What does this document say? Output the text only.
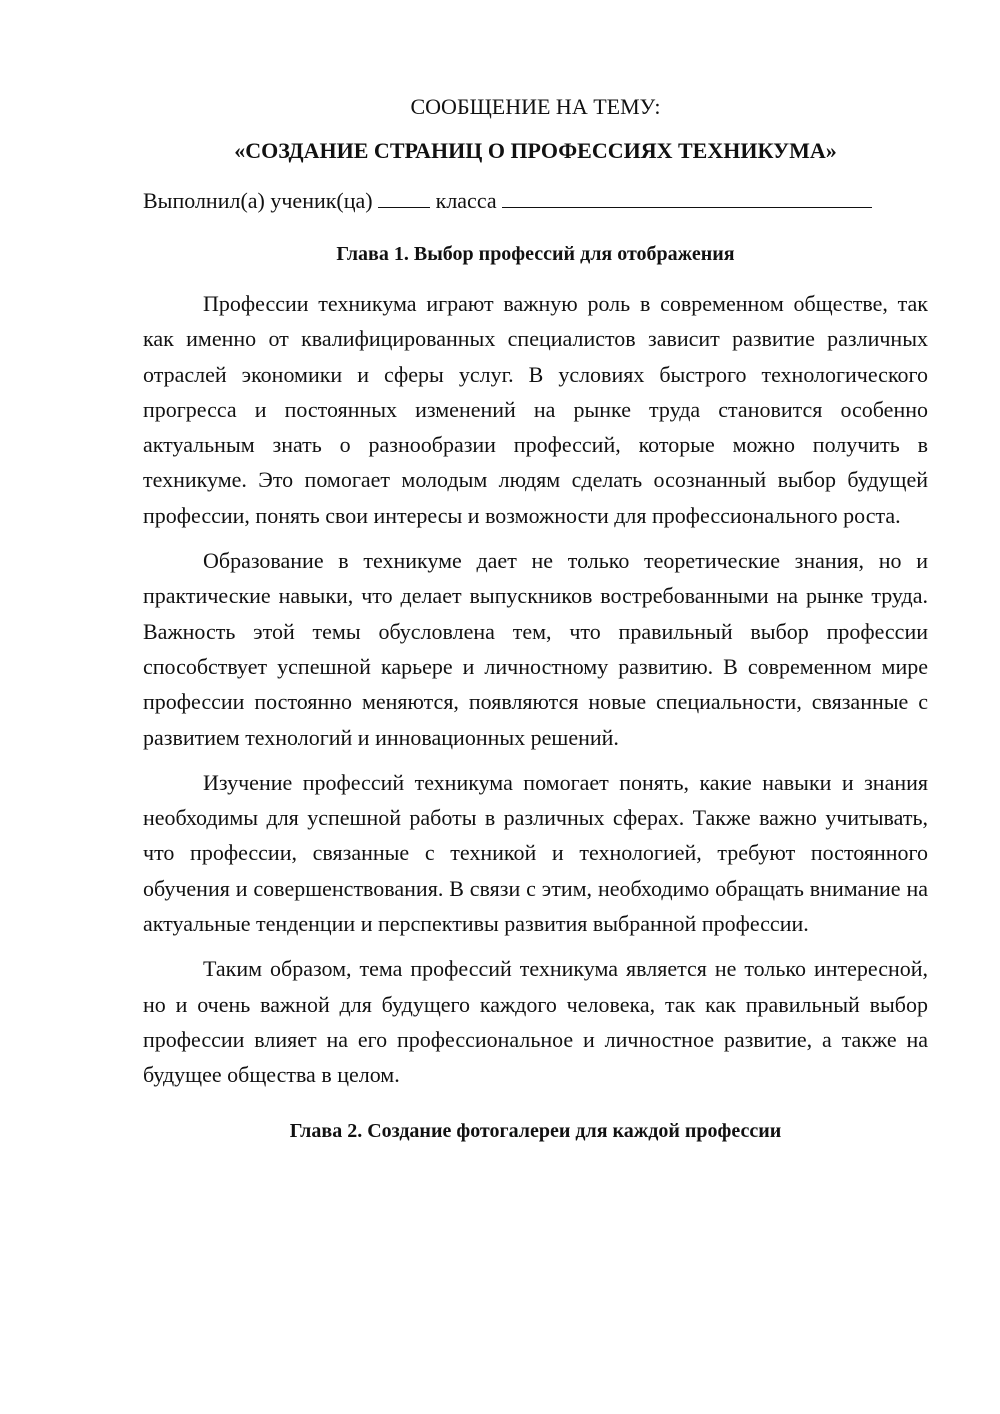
СООБЩЕНИЕ НА ТЕМУ:

«СОЗДАНИЕ СТРАНИЦ О ПРОФЕССИЯХ ТЕХНИКУМА»

Выполнил(а) ученик(ца)	класса

Глава 1. Выбор профессий для отображения

Профессии техникума играют важную роль в современном обществе, так как именно от квалифицированных специалистов зависит развитие различных отраслей экономики и сферы услуг. В условиях быстрого технологического прогресса и постоянных изменений на рынке труда становится особенно актуальным знать о разнообразии профессий, которые можно получить в техникуме. Это помогает молодым людям сделать осознанный выбор будущей профессии, понять свои интересы и возможности для профессионального роста.

Образование в техникуме дает не только теоретические знания, но и практические навыки, что делает выпускников востребованными на рынке труда. Важность этой темы обусловлена тем, что правильный выбор профессии способствует успешной карьере и личностному развитию. В современном мире профессии постоянно меняются, появляются новые специальности, связанные с развитием технологий и инновационных решений.

Изучение профессий техникума помогает понять, какие навыки и знания необходимы для успешной работы в различных сферах. Также важно учитывать, что профессии, связанные с техникой и технологией, требуют постоянного обучения и совершенствования. В связи с этим, необходимо обращать внимание на актуальные тенденции и перспективы развития выбранной профессии.

Таким образом, тема профессий техникума является не только интересной, но и очень важной для будущего каждого человека, так как правильный выбор профессии влияет на его профессиональное и личностное развитие, а также на будущее общества в целом.

Глава 2. Создание фотогалереи для каждой профессии
